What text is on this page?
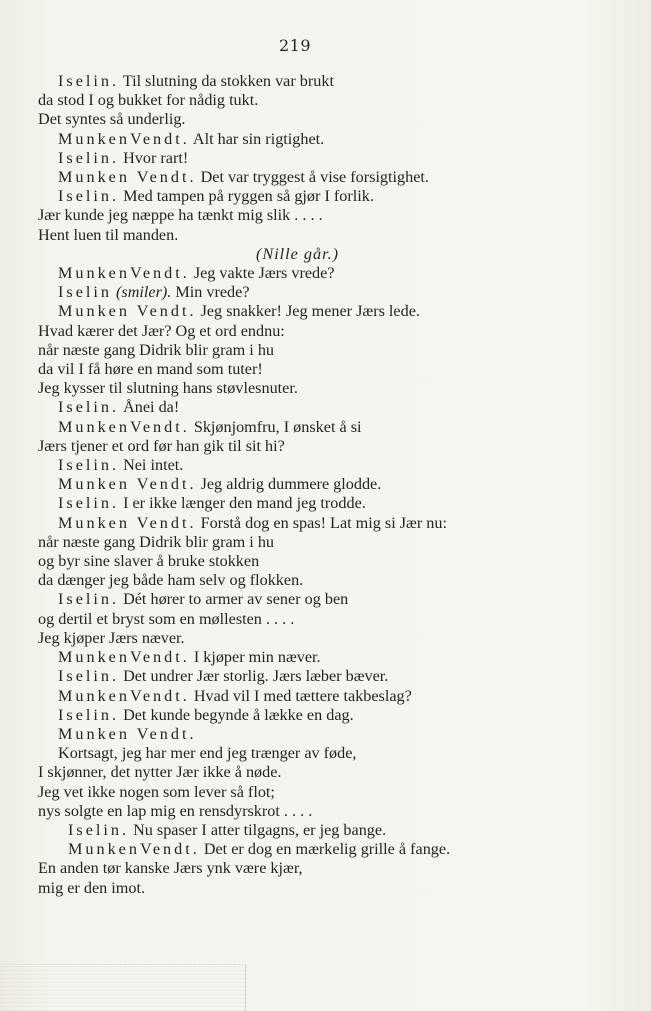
219
Iselin. Til slutning da stokken var brukt
da stod I og bukket for nådig tukt.
Det syntes så underlig.
MunkenVendt. Alt har sin rigtighet.
Iselin. Hvor rart!
Munken Vendt. Det var tryggest å vise forsigtighet.
Iselin. Med tampen på ryggen så gjør I forlik.
Jær kunde jeg næppe ha tænkt mig slik . . . .
Hent luen til manden.
(Nille går.)
MunkenVendt. Jeg vakte Jærs vrede?
Iselin (smiler). Min vrede?
Munken Vendt. Jeg snakker! Jeg mener Jærs lede.
Hvad kærer det Jær? Og et ord endnu:
når næste gang Didrik blir gram i hu
da vil I få høre en mand som tuter!
Jeg kysser til slutning hans støvlesnuter.
Iselin. Ånei da!
MunkenVendt. Skjønjomfru, I ønsket å si
Jærs tjener et ord før han gik til sit hi?
Iselin. Nei intet.
Munken Vendt. Jeg aldrig dummere glodde.
Iselin. I er ikke længer den mand jeg trodde.
Munken Vendt. Forstå dog en spas! Lat mig si Jær nu:
når næste gang Didrik blir gram i hu
og byr sine slaver å bruke stokken
da dænger jeg både ham selv og flokken.
Iselin. Dét hører to armer av sener og ben
og dertil et bryst som en møllesten . . . .
Jeg kjøper Jærs næver.
MunkenVendt. I kjøper min næver.
Iselin. Det undrer Jær storlig. Jærs læber bæver.
MunkenVendt. Hvad vil I med tættere takbeslag?
Iselin. Det kunde begynde å lække en dag.
Munken Vendt.
Kortsagt, jeg har mer end jeg trænger av føde,
I skjønner, det nytter Jær ikke å nøde.
Jeg vet ikke nogen som lever så flot;
nys solgte en lap mig en rensdyrskrot . . . .
Iselin. Nu spaser I atter tilgagns, er jeg bange.
MunkenVendt. Det er dog en mærkelig grille å fange.
En anden tør kanske Jærs ynk være kjær,
mig er den imot.
